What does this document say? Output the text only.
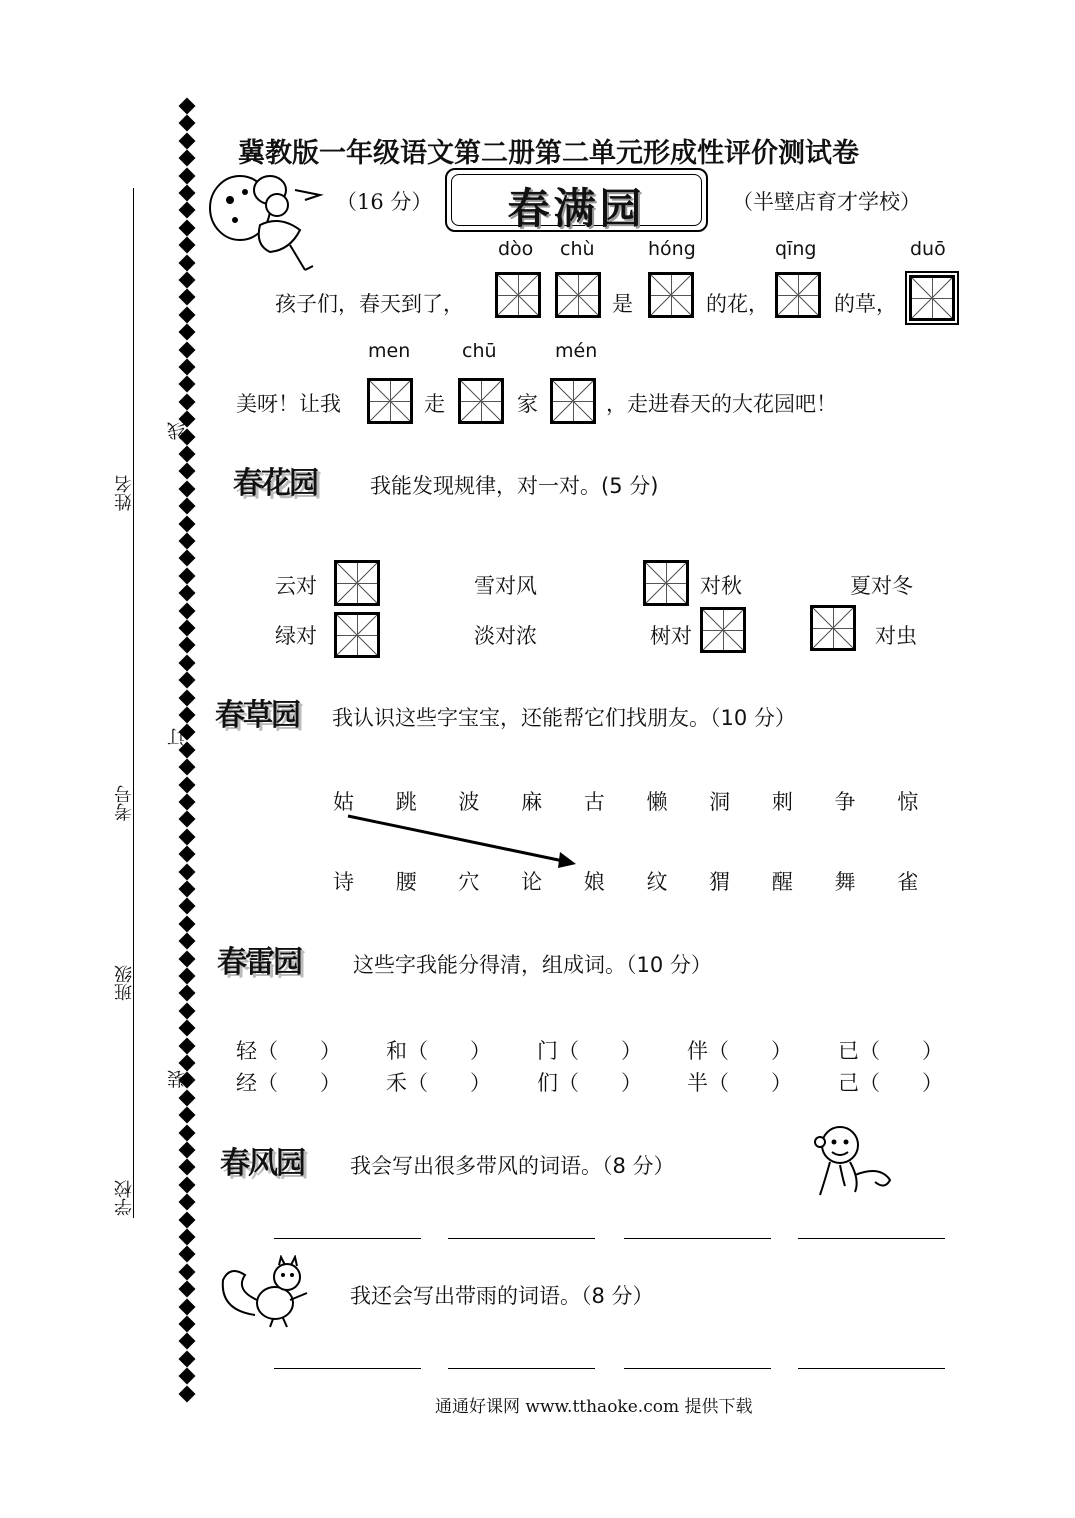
冀教版一年级语文第二册第二单元形成性评价测试卷
姓名
考号
班级
学校
线
订
装
（16 分）	春满园	（半壁店育才学校）
dòo chù	hóng	qīng	duō
孩子们，春天到了，	是	的花，	的草，
men	chū	mén
美呀！让我	走	家	，走进春天的大花园吧！
春花园	我能发现规律，对一对。(5 分)
云对	雪对风	对秋	夏对冬
绿对	淡对浓	树对	对虫
春草园 我认识这些字宝宝，还能帮它们找朋友。（10 分）
姑 跳 波 麻 古 懒 洞 刺 争 惊
诗 腰 穴 论 娘 纹 猬 醒 舞 雀
春雷园 这些字我能分得清，组成词。（10 分）
轻（　　） 和（　　） 门（　　） 伴（　　） 已（　　）
经（　　） 禾（　　） 们（　　） 半（　　） 己（　　）
春风园 我会写出很多带风的词语。（8 分）
我还会写出带雨的词语。（8 分）
通通好课网 www.tthaoke.com 提供下载
